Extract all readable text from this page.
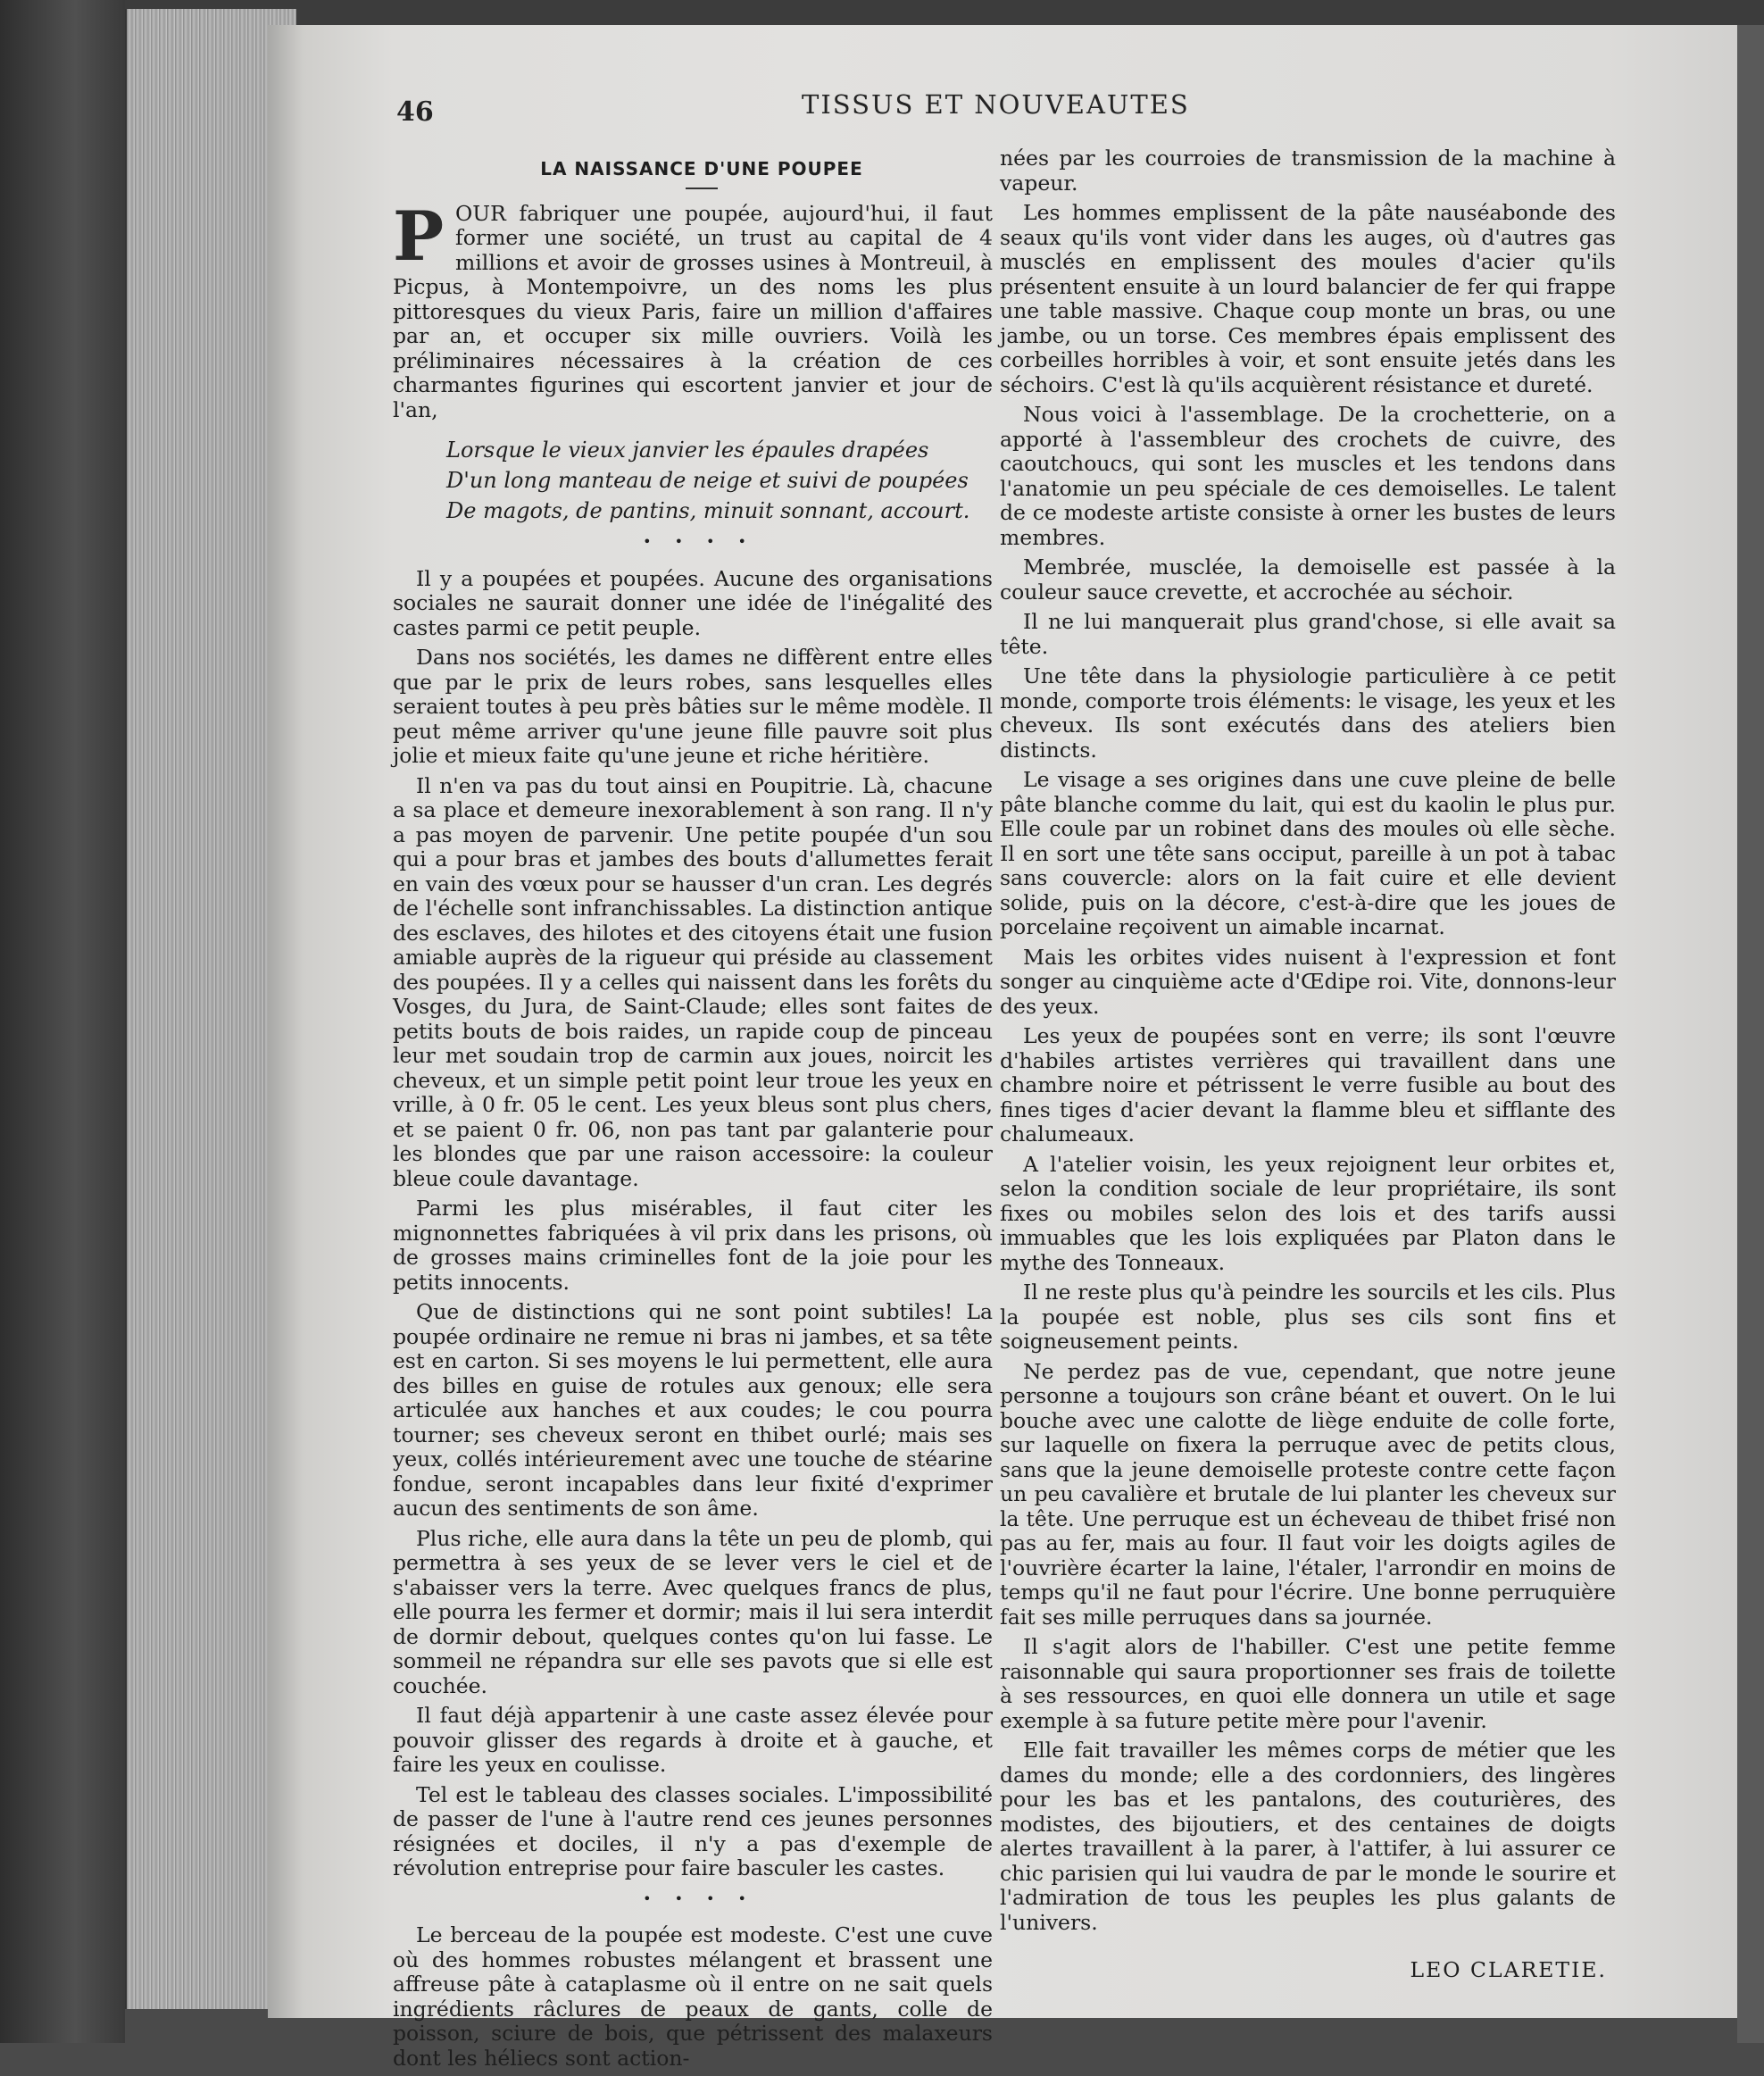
46	TISSUS ET NOUVEAUTES
LA NAISSANCE D'UNE POUPEE

P OUR fabriquer une poupée, aujourd'hui, il faut former une société, un trust au capital de 4 millions et avoir de grosses usines à Montreuil, à Picpus, à Montempoivre, un des noms les plus pittoresques du vieux Paris, faire un million d'affaires par an, et occuper six mille ouvriers. Voilà les préliminaires nécessaires à la création de ces charmantes figurines qui escortent janvier et jour de l'an,

Lorsque le vieux janvier les épaules drapées
D'un long manteau de neige et suivi de poupées
De magots, de pantins, minuit sonnant, accourt.
••••

Il y a poupées et poupées. Aucune des organisations sociales ne saurait donner une idée de l'inégalité des castes parmi ce petit peuple.

Dans nos sociétés, les dames ne diffèrent entre elles que par le prix de leurs robes, sans lesquelles elles seraient toutes à peu près bâties sur le même modèle. Il peut même arriver qu'une jeune fille pauvre soit plus jolie et mieux faite qu'une jeune et riche héritière.

Il n'en va pas du tout ainsi en Poupitrie. Là, chacune a sa place et demeure inexorablement à son rang. Il n'y a pas moyen de parvenir. Une petite poupée d'un sou qui a pour bras et jambes des bouts d'allumettes ferait en vain des vœux pour se hausser d'un cran. Les degrés de l'échelle sont infranchissables. La distinction antique des esclaves, des hilotes et des citoyens était une fusion amiable auprès de la rigueur qui préside au classement des poupées. Il y a celles qui naissent dans les forêts du Vosges, du Jura, de Saint-Claude; elles sont faites de petits bouts de bois raides, un rapide coup de pinceau leur met soudain trop de carmin aux joues, noircit les cheveux, et un simple petit point leur troue les yeux en vrille, à 0 fr. 05 le cent. Les yeux bleus sont plus chers, et se paient 0 fr. 06, non pas tant par galanterie pour les blondes que par une raison accessoire: la couleur bleue coule davantage.

Parmi les plus misérables, il faut citer les mignonnettes fabriquées à vil prix dans les prisons, où de grosses mains criminelles font de la joie pour les petits innocents.

Que de distinctions qui ne sont point subtiles! La poupée ordinaire ne remue ni bras ni jambes, et sa tête est en carton. Si ses moyens le lui permettent, elle aura des billes en guise de rotules aux genoux; elle sera articulée aux hanches et aux coudes; le cou pourra tourner; ses cheveux seront en thibet ourlé; mais ses yeux, collés intérieurement avec une touche de stéarine fondue, seront incapables dans leur fixité d'exprimer aucun des sentiments de son âme.

Plus riche, elle aura dans la tête un peu de plomb, qui permettra à ses yeux de se lever vers le ciel et de s'abaisser vers la terre. Avec quelques francs de plus, elle pourra les fermer et dormir; mais il lui sera interdit de dormir debout, quelques contes qu'on lui fasse. Le sommeil ne répandra sur elle ses pavots que si elle est couchée.

Il faut déjà appartenir à une caste assez élevée pour pouvoir glisser des regards à droite et à gauche, et faire les yeux en coulisse.

Tel est le tableau des classes sociales. L'impossibilité de passer de l'une à l'autre rend ces jeunes personnes résignées et dociles, il n'y a pas d'exemple de révolution entreprise pour faire basculer les castes.

••••

Le berceau de la poupée est modeste. C'est une cuve où des hommes robustes mélangent et brassent une affreuse pâte à cataplasme où il entre on ne sait quels ingrédients râclures de peaux de gants, colle de poisson, sciure de bois, que pétrissent des malaxeurs dont les héliecs sont action-

nées par les courroies de transmission de la machine à vapeur.

Les hommes emplissent de la pâte nauséabonde des seaux qu'ils vont vider dans les auges, où d'autres gas musclés en emplissent des moules d'acier qu'ils présentent ensuite à un lourd balancier de fer qui frappe une table massive. Chaque coup monte un bras, ou une jambe, ou un torse. Ces membres épais emplissent des corbeilles horribles à voir, et sont ensuite jetés dans les séchoirs. C'est là qu'ils acquièrent résistance et dureté.

Nous voici à l'assemblage. De la crochetterie, on a apporté à l'assembleur des crochets de cuivre, des caoutchoucs, qui sont les muscles et les tendons dans l'anatomie un peu spéciale de ces demoiselles. Le talent de ce modeste artiste consiste à orner les bustes de leurs membres.

Membrée, musclée, la demoiselle est passée à la couleur sauce crevette, et accrochée au séchoir.

Il ne lui manquerait plus grand'chose, si elle avait sa tête.

Une tête dans la physiologie particulière à ce petit monde, comporte trois éléments: le visage, les yeux et les cheveux. Ils sont exécutés dans des ateliers bien distincts.

Le visage a ses origines dans une cuve pleine de belle pâte blanche comme du lait, qui est du kaolin le plus pur. Elle coule par un robinet dans des moules où elle sèche. Il en sort une tête sans occiput, pareille à un pot à tabac sans couvercle: alors on la fait cuire et elle devient solide, puis on la décore, c'est-à-dire que les joues de porcelaine reçoivent un aimable incarnat.

Mais les orbites vides nuisent à l'expression et font songer au cinquième acte d'Œdipe roi. Vite, donnons-leur des yeux.

Les yeux de poupées sont en verre; ils sont l'œuvre d'habiles artistes verrières qui travaillent dans une chambre noire et pétrissent le verre fusible au bout des fines tiges d'acier devant la flamme bleu et sifflante des chalumeaux.

A l'atelier voisin, les yeux rejoignent leur orbites et, selon la condition sociale de leur propriétaire, ils sont fixes ou mobiles selon des lois et des tarifs aussi immuables que les lois expliquées par Platon dans le mythe des Tonneaux.

Il ne reste plus qu'à peindre les sourcils et les cils. Plus la poupée est noble, plus ses cils sont fins et soigneusement peints.

Ne perdez pas de vue, cependant, que notre jeune personne a toujours son crâne béant et ouvert. On le lui bouche avec une calotte de liège enduite de colle forte, sur laquelle on fixera la perruque avec de petits clous, sans que la jeune demoiselle proteste contre cette façon un peu cavalière et brutale de lui planter les cheveux sur la tête. Une perruque est un écheveau de thibet frisé non pas au fer, mais au four. Il faut voir les doigts agiles de l'ouvrière écarter la laine, l'étaler, l'arrondir en moins de temps qu'il ne faut pour l'écrire. Une bonne perruquière fait ses mille perruques dans sa journée.

Il s'agit alors de l'habiller. C'est une petite femme raisonnable qui saura proportionner ses frais de toilette à ses ressources, en quoi elle donnera un utile et sage exemple à sa future petite mère pour l'avenir.

Elle fait travailler les mêmes corps de métier que les dames du monde; elle a des cordonniers, des lingères pour les bas et les pantalons, des couturières, des modistes, des bijoutiers, et des centaines de doigts alertes travaillent à la parer, à l'attifer, à lui assurer ce chic parisien qui lui vaudra de par le monde le sourire et l'admiration de tous les peuples les plus galants de l'univers.

LEO CLARETIE.
